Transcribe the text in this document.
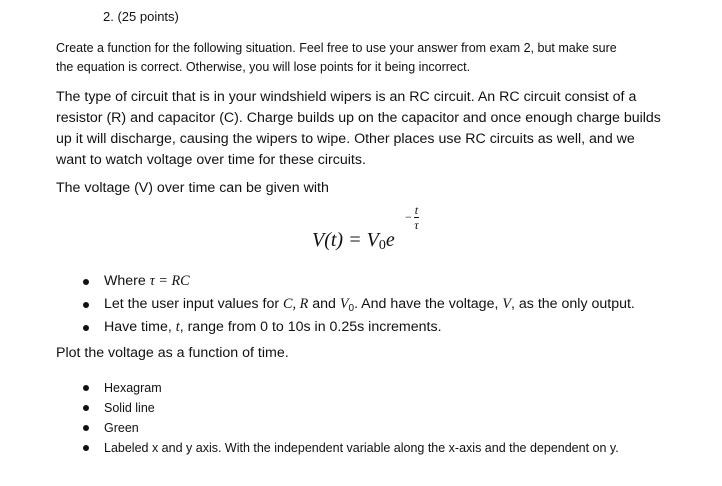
2. (25 points)
Create a function for the following situation. Feel free to use your answer from exam 2, but make sure
the equation is correct. Otherwise, you will lose points for it being incorrect.
The type of circuit that is in your windshield wipers is an RC circuit. An RC circuit consist of a
resistor (R) and capacitor (C). Charge builds up on the capacitor and once enough charge builds
up it will discharge, causing the wipers to wipe. Other places use RC circuits as well, and we
want to watch voltage over time for these circuits.
The voltage (V) over time can be given with
$V(t) = V_0e$
− $\frac{t}{\tau}$
Where τ = RC
Let the user input values for C, R and $V_0$. And have the voltage, V, as the only output.
Have time, t, range from 0 to 10s in 0.25s increments.
Plot the voltage as a function of time.
Hexagram
Solid line
Green
Labeled x and y axis. With the independent variable along the x-axis and the dependent on y.
